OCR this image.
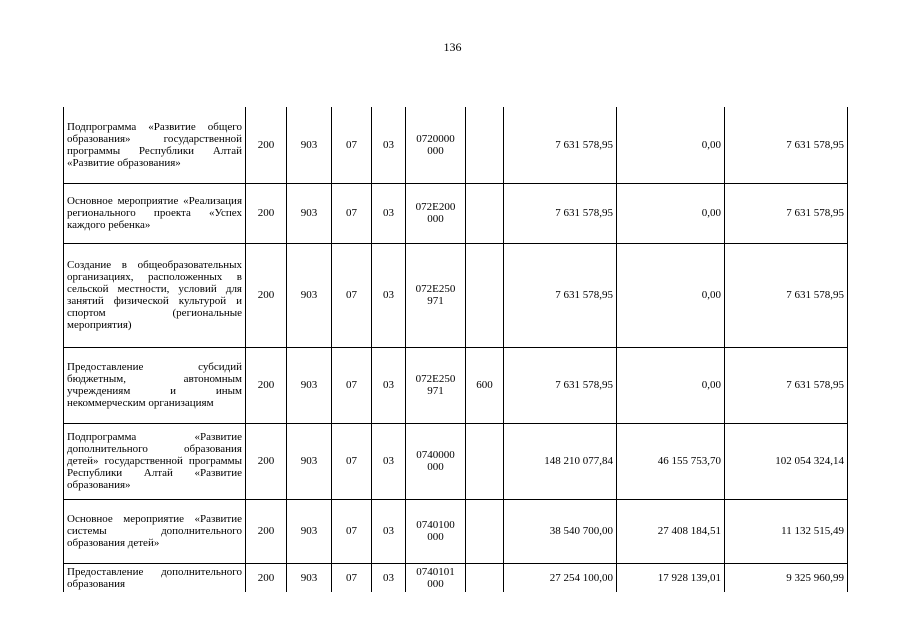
136
Подпрограмма «Развитие общего образования» государственной программы Республики Алтай «Развитие образования»	200	903	07	03	0720000 000		7 631 578,95	0,00	7 631 578,95
Основное мероприятие «Реализация регионального проекта «Успех каждого ребенка»	200	903	07	03	072E200 000		7 631 578,95	0,00	7 631 578,95
Создание в общеобразовательных организациях, расположенных в сельской местности, условий для занятий физической культурой и спортом (региональные мероприятия)	200	903	07	03	072E250 971		7 631 578,95	0,00	7 631 578,95
Предоставление субсидий бюджетным, автономным учреждениям и иным некоммерческим организациям	200	903	07	03	072E250 971	600	7 631 578,95	0,00	7 631 578,95
Подпрограмма «Развитие дополнительного образования детей» государственной программы Республики Алтай «Развитие образования»	200	903	07	03	0740000 000		148 210 077,84	46 155 753,70	102 054 324,14
Основное мероприятие «Развитие системы дополнительного образования детей»	200	903	07	03	0740100 000		38 540 700,00	27 408 184,51	11 132 515,49
Предоставление дополнительного образования	200	903	07	03	0740101 000		27 254 100,00	17 928 139,01	9 325 960,99
